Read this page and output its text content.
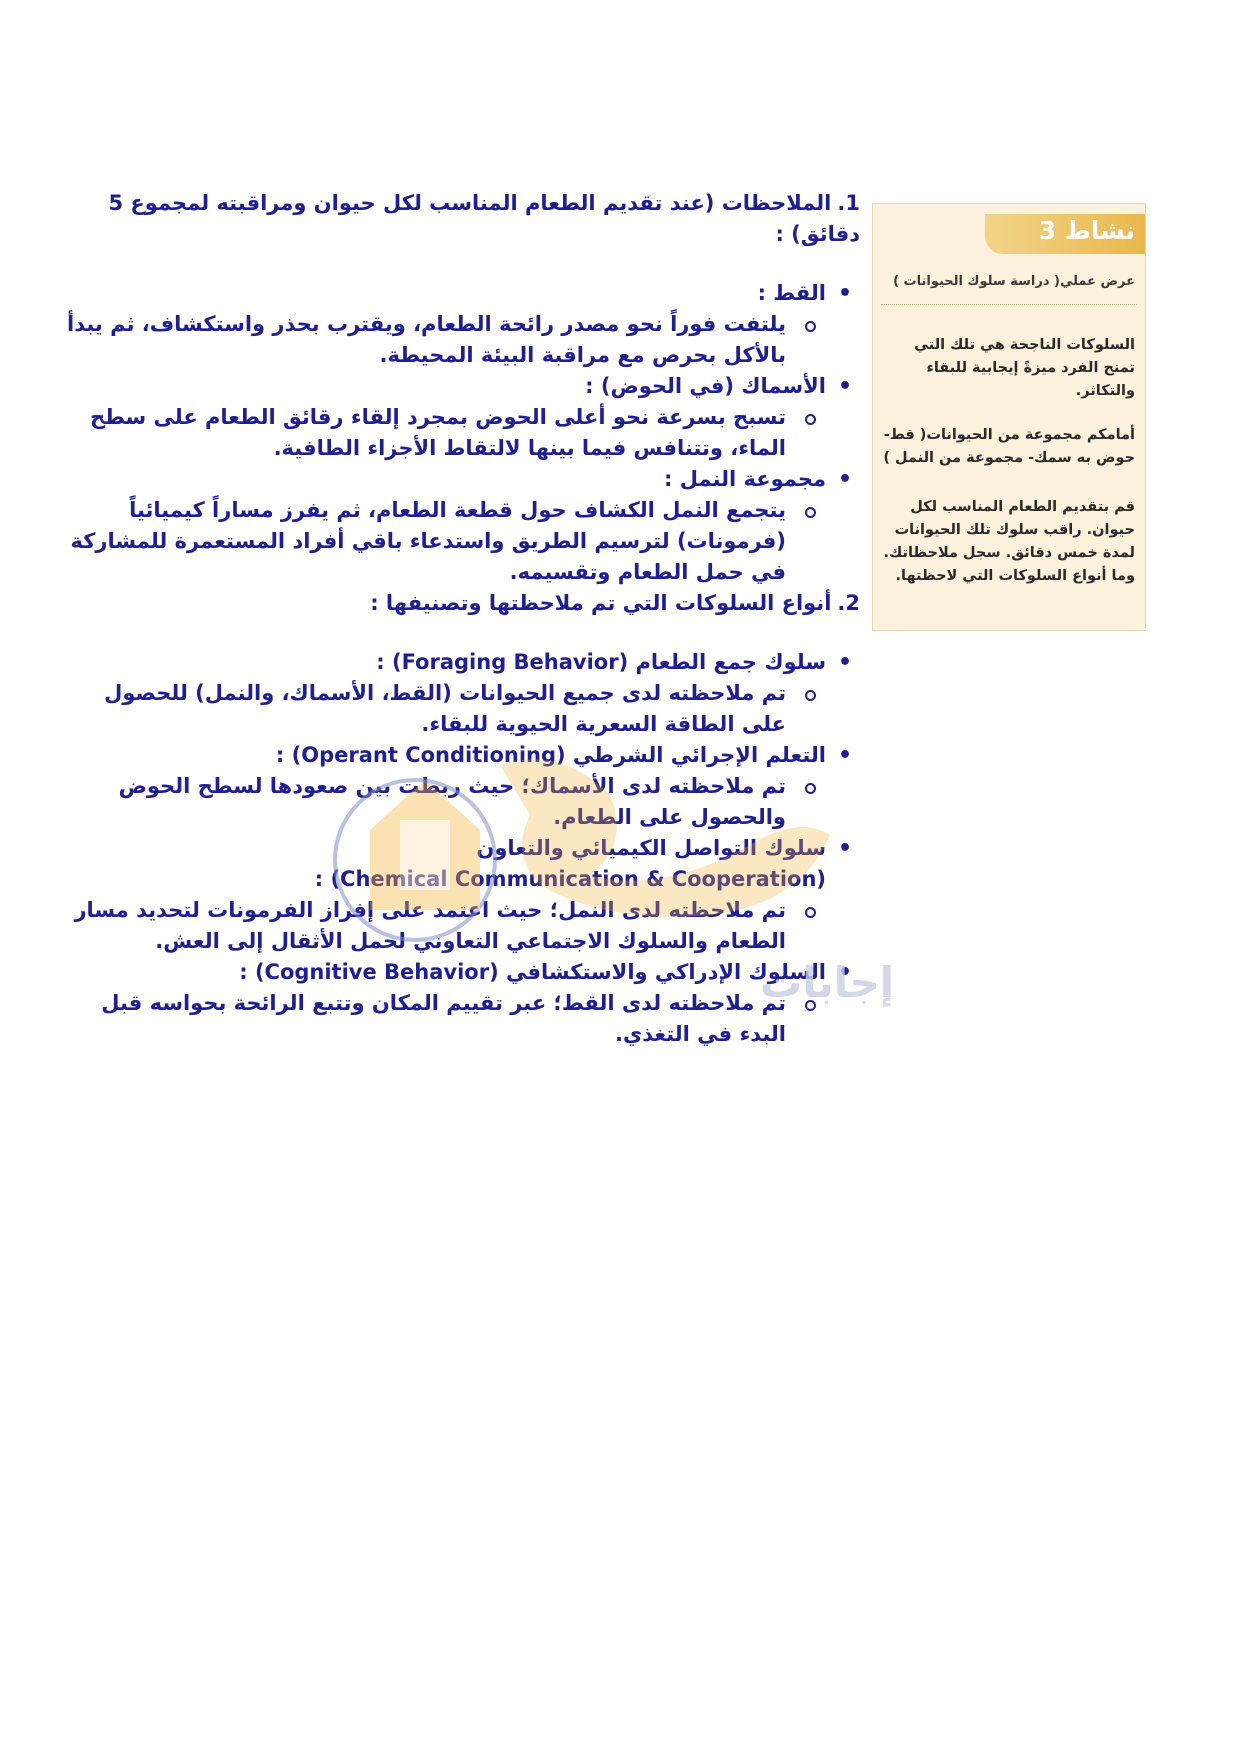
نشاط 3
عرض عملي( دراسة سلوك الحيوانات )
السلوكات الناجحة هي تلك التي تمنح الفرد ميزةً إيجابية للبقاء والتكاثر.
أمامكم مجموعة من الحيوانات( قط- حوض به سمك- مجموعة من النمل )
قم بتقديم الطعام المناسب لكل حيوان. راقب سلوك تلك الحيوانات لمدة خمس دقائق. سجل ملاحظاتك. وما أنواع السلوكات التي لاحظتها.

1.الملاحظات (عند تقديم الطعام المناسب لكل حيوان ومراقبته لمجموع 5 دقائق) :

• القط :
يلتفت فوراً نحو مصدر رائحة الطعام، ويقترب بحذر واستكشاف، ثم يبدأ بالأكل بحرص مع مراقبة البيئة المحيطة.
• الأسماك (في الحوض) :
تسبح بسرعة نحو أعلى الحوض بمجرد إلقاء رقائق الطعام على سطح الماء، وتتنافس فيما بينها لالتقاط الأجزاء الطافية.
• مجموعة النمل :
يتجمع النمل الكشاف حول قطعة الطعام، ثم يفرز مساراً كيميائياً (فرمونات) لترسيم الطريق واستدعاء باقي أفراد المستعمرة للمشاركة في حمل الطعام وتقسيمه.

2.أنواع السلوكات التي تم ملاحظتها وتصنيفها :

• سلوك جمع الطعام (Foraging Behavior) :
تم ملاحظته لدى جميع الحيوانات (القط، الأسماك، والنمل) للحصول على الطاقة السعرية الحيوية للبقاء.
• التعلم الإجرائي الشرطي (Operant Conditioning) :
تم ملاحظته لدى الأسماك؛ حيث ربطت بين صعودها لسطح الحوض والحصول على الطعام.
• سلوك التواصل الكيميائي والتعاون
(Chemical Communication & Cooperation) :
تم ملاحظته لدى النمل؛ حيث اعتمد على إفراز الفرمونات لتحديد مسار الطعام والسلوك الاجتماعي التعاوني لحمل الأثقال إلى العش.
• السلوك الإدراكي والاستكشافي (Cognitive Behavior) :
تم ملاحظته لدى القط؛ عبر تقييم المكان وتتبع الرائحة بحواسه قبل البدء في التغذي.
إجابات
